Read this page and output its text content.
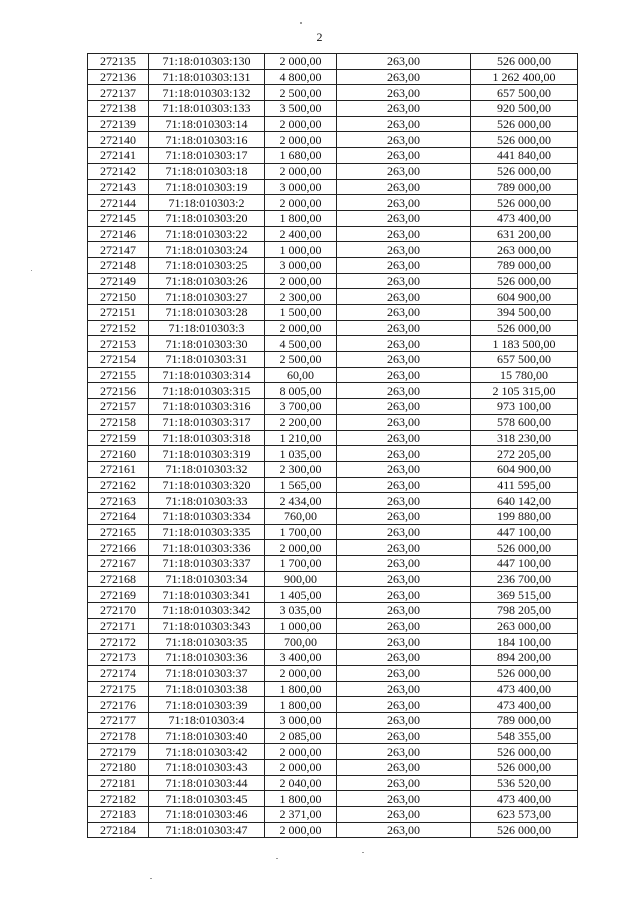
2
272135	71:18:010303:130	2 000,00	263,00	526 000,00
272136	71:18:010303:131	4 800,00	263,00	1 262 400,00
272137	71:18:010303:132	2 500,00	263,00	657 500,00
272138	71:18:010303:133	3 500,00	263,00	920 500,00
272139	71:18:010303:14	2 000,00	263,00	526 000,00
272140	71:18:010303:16	2 000,00	263,00	526 000,00
272141	71:18:010303:17	1 680,00	263,00	441 840,00
272142	71:18:010303:18	2 000,00	263,00	526 000,00
272143	71:18:010303:19	3 000,00	263,00	789 000,00
272144	71:18:010303:2	2 000,00	263,00	526 000,00
272145	71:18:010303:20	1 800,00	263,00	473 400,00
272146	71:18:010303:22	2 400,00	263,00	631 200,00
272147	71:18:010303:24	1 000,00	263,00	263 000,00
272148	71:18:010303:25	3 000,00	263,00	789 000,00
272149	71:18:010303:26	2 000,00	263,00	526 000,00
272150	71:18:010303:27	2 300,00	263,00	604 900,00
272151	71:18:010303:28	1 500,00	263,00	394 500,00
272152	71:18:010303:3	2 000,00	263,00	526 000,00
272153	71:18:010303:30	4 500,00	263,00	1 183 500,00
272154	71:18:010303:31	2 500,00	263,00	657 500,00
272155	71:18:010303:314	60,00	263,00	15 780,00
272156	71:18:010303:315	8 005,00	263,00	2 105 315,00
272157	71:18:010303:316	3 700,00	263,00	973 100,00
272158	71:18:010303:317	2 200,00	263,00	578 600,00
272159	71:18:010303:318	1 210,00	263,00	318 230,00
272160	71:18:010303:319	1 035,00	263,00	272 205,00
272161	71:18:010303:32	2 300,00	263,00	604 900,00
272162	71:18:010303:320	1 565,00	263,00	411 595,00
272163	71:18:010303:33	2 434,00	263,00	640 142,00
272164	71:18:010303:334	760,00	263,00	199 880,00
272165	71:18:010303:335	1 700,00	263,00	447 100,00
272166	71:18:010303:336	2 000,00	263,00	526 000,00
272167	71:18:010303:337	1 700,00	263,00	447 100,00
272168	71:18:010303:34	900,00	263,00	236 700,00
272169	71:18:010303:341	1 405,00	263,00	369 515,00
272170	71:18:010303:342	3 035,00	263,00	798 205,00
272171	71:18:010303:343	1 000,00	263,00	263 000,00
272172	71:18:010303:35	700,00	263,00	184 100,00
272173	71:18:010303:36	3 400,00	263,00	894 200,00
272174	71:18:010303:37	2 000,00	263,00	526 000,00
272175	71:18:010303:38	1 800,00	263,00	473 400,00
272176	71:18:010303:39	1 800,00	263,00	473 400,00
272177	71:18:010303:4	3 000,00	263,00	789 000,00
272178	71:18:010303:40	2 085,00	263,00	548 355,00
272179	71:18:010303:42	2 000,00	263,00	526 000,00
272180	71:18:010303:43	2 000,00	263,00	526 000,00
272181	71:18:010303:44	2 040,00	263,00	536 520,00
272182	71:18:010303:45	1 800,00	263,00	473 400,00
272183	71:18:010303:46	2 371,00	263,00	623 573,00
272184	71:18:010303:47	2 000,00	263,00	526 000,00
